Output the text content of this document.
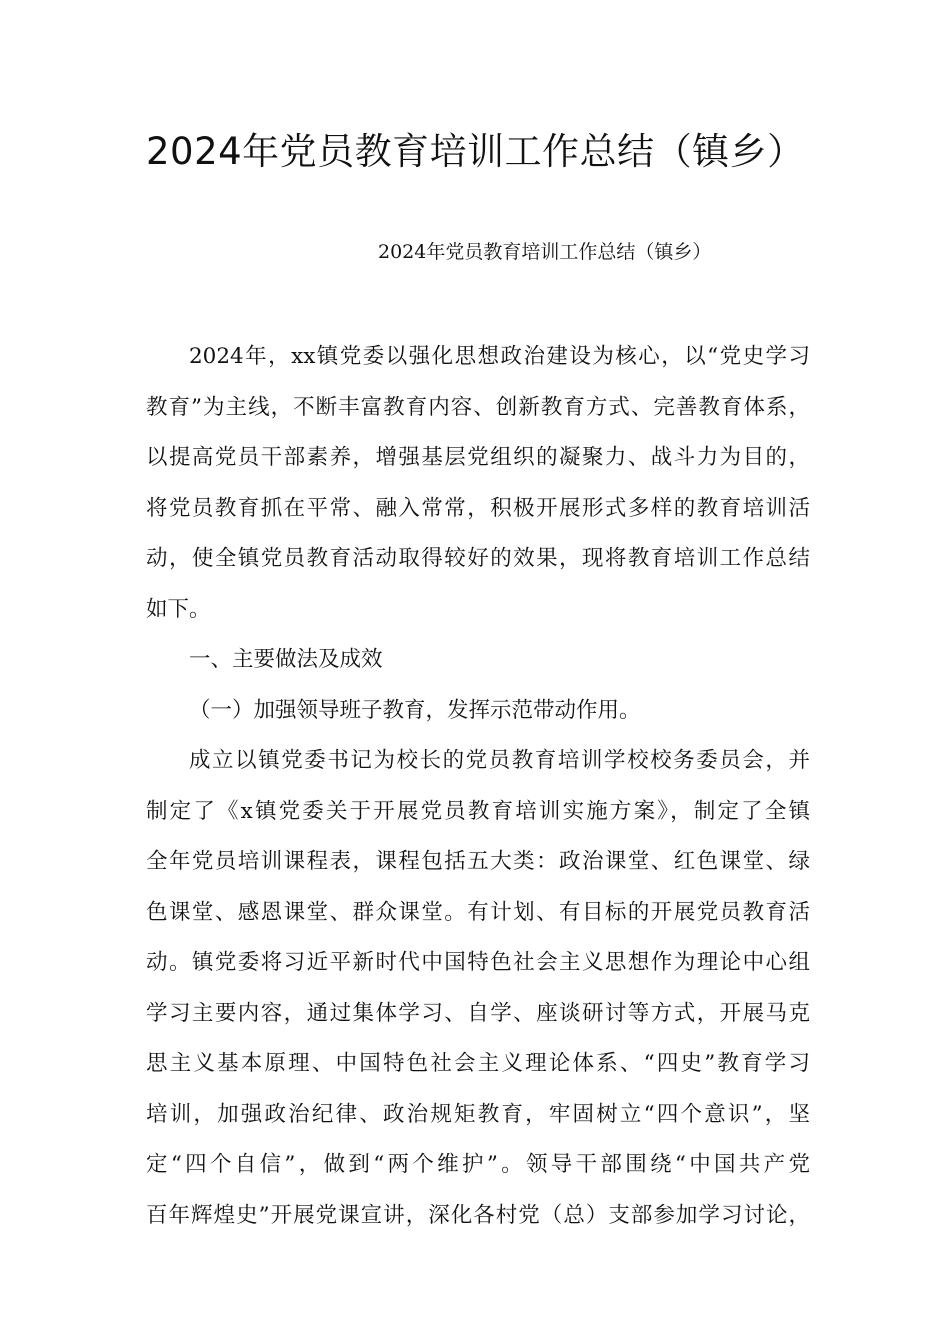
2024年党员教育培训工作总结（镇乡）
2024年党员教育培训工作总结（镇乡）
2024年，xx镇党委以强化思想政治建设为核心，以“党史学习
教育”为主线，不断丰富教育内容、创新教育方式、完善教育体系，
以提高党员干部素养，增强基层党组织的凝聚力、战斗力为目的，
将党员教育抓在平常、融入常常，积极开展形式多样的教育培训活
动，使全镇党员教育活动取得较好的效果，现将教育培训工作总结
如下。
一、主要做法及成效
（一）加强领导班子教育，发挥示范带动作用。
成立以镇党委书记为校长的党员教育培训学校校务委员会，并
制定了《x镇党委关于开展党员教育培训实施方案》，制定了全镇
全年党员培训课程表，课程包括五大类：政治课堂、红色课堂、绿
色课堂、感恩课堂、群众课堂。有计划、有目标的开展党员教育活
动。镇党委将习近平新时代中国特色社会主义思想作为理论中心组
学习主要内容，通过集体学习、自学、座谈研讨等方式，开展马克
思主义基本原理、中国特色社会主义理论体系、“四史”教育学习
培训，加强政治纪律、政治规矩教育，牢固树立“四个意识”，坚
定“四个自信”，做到“两个维护”。领导干部围绕“中国共产党
百年辉煌史”开展党课宣讲，深化各村党（总）支部参加学习讨论，
